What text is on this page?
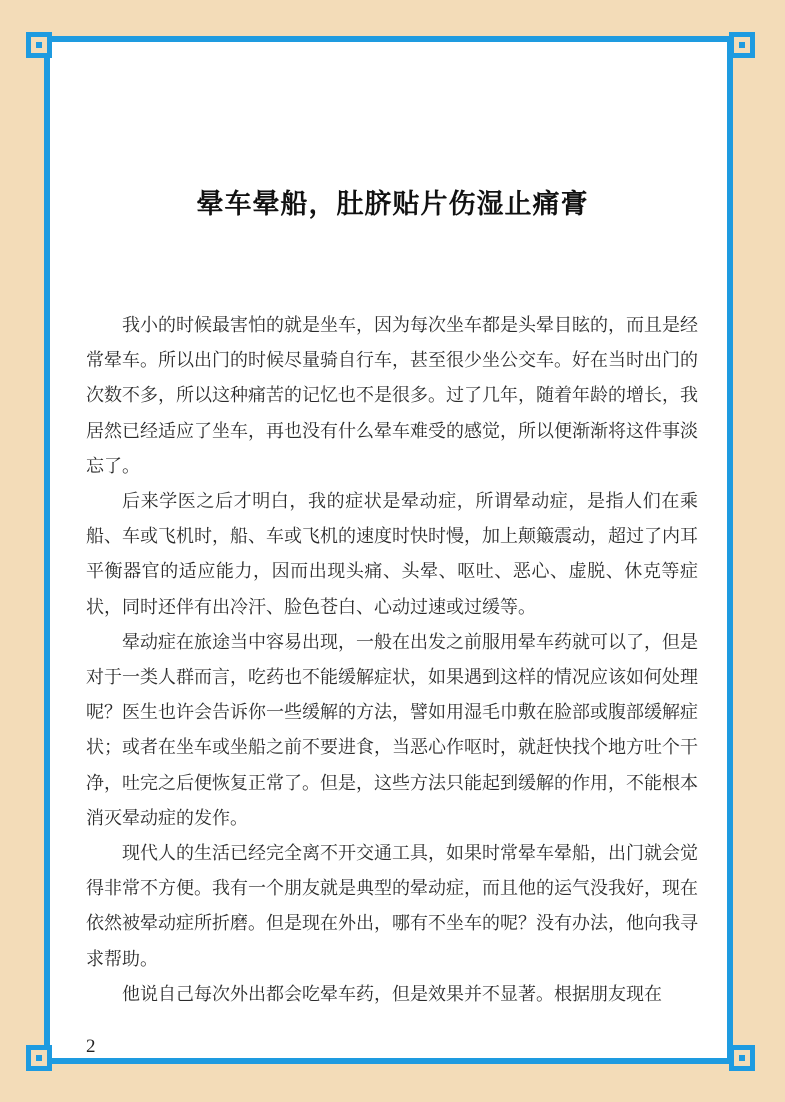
晕车晕船，肚脐贴片伤湿止痛膏

我小的时候最害怕的就是坐车，因为每次坐车都是头晕目眩的，而且是经常晕车。所以出门的时候尽量骑自行车，甚至很少坐公交车。好在当时出门的次数不多，所以这种痛苦的记忆也不是很多。过了几年，随着年龄的增长，我居然已经适应了坐车，再也没有什么晕车难受的感觉，所以便渐渐将这件事淡忘了。

后来学医之后才明白，我的症状是晕动症，所谓晕动症，是指人们在乘船、车或飞机时，船、车或飞机的速度时快时慢，加上颠簸震动，超过了内耳平衡器官的适应能力，因而出现头痛、头晕、呕吐、恶心、虚脱、休克等症状，同时还伴有出冷汗、脸色苍白、心动过速或过缓等。

晕动症在旅途当中容易出现，一般在出发之前服用晕车药就可以了，但是对于一类人群而言，吃药也不能缓解症状，如果遇到这样的情况应该如何处理呢？医生也许会告诉你一些缓解的方法，譬如用湿毛巾敷在脸部或腹部缓解症状；或者在坐车或坐船之前不要进食，当恶心作呕时，就赶快找个地方吐个干净，吐完之后便恢复正常了。但是，这些方法只能起到缓解的作用，不能根本消灭晕动症的发作。

现代人的生活已经完全离不开交通工具，如果时常晕车晕船，出门就会觉得非常不方便。我有一个朋友就是典型的晕动症，而且他的运气没我好，现在依然被晕动症所折磨。但是现在外出，哪有不坐车的呢？没有办法，他向我寻求帮助。

他说自己每次外出都会吃晕车药，但是效果并不显著。根据朋友现在

2
